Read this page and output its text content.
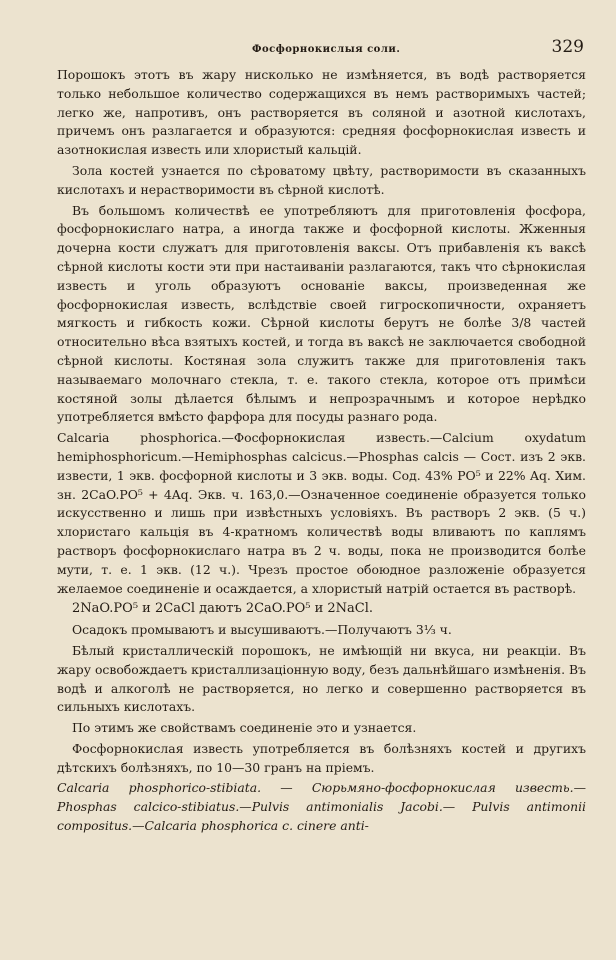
Фосфорнокислыя соли.	329

Порошокъ этотъ въ жару нисколько не измѣняется, въ водѣ растворяется только небольшое количество содержащихся въ немъ растворимыхъ частей; легко же, напротивъ, онъ растворяется въ соляной и азотной кислотахъ, причемъ онъ разлагается и образуются: средняя фосфорнокислая известь и азотнокислая известь или хлористый кальцій.

Зола костей узнается по сѣроватому цвѣту, растворимости въ сказанныхъ кислотахъ и нерастворимости въ сѣрной кислотѣ.

Въ большомъ количествѣ ее употребляютъ для приготовленія фосфора, фосфорнокислаго натра, а иногда также и фосфорной кислоты. Жженныя дочерна кости служатъ для приготовленія ваксы. Отъ прибавленія къ ваксѣ сѣрной кислоты кости эти при настаиваніи разлагаются, такъ что сѣрнокислая известь и уголь образуютъ основаніе ваксы, произведенная же фосфорнокислая известь, вслѣдствіе своей гигроскопичности, охраняетъ мягкость и гибкость кожи. Сѣрной кислоты берутъ не болѣе 3/8 частей относительно вѣса взятыхъ костей, и тогда въ ваксѣ не заключается свободной сѣрной кислоты. Костяная зола служитъ также для приготовленія такъ называемаго молочнаго стекла, т. е. такого стекла, которое отъ примѣси костяной золы дѣлается бѣлымъ и непрозрачнымъ и которое нерѣдко употребляется вмѣсто фарфора для посуды разнаго рода.

Calcaria phosphorica.—Фосфорнокислая известь.—Calcium oxydatum hemiphosphoricum.—Hemiphosphas calcicus.—Phosphas calcis — Сост. изъ 2 экв. извести, 1 экв. фосфорной кислоты и 3 экв. воды. Сод. 43% PO⁵ и 22% Aq. Хим. зн. 2CaO.PO⁵ + 4Aq. Экв. ч. 163,0.—Означенное соединеніе образуется только искусственно и лишь при извѣстныхъ условіяхъ. Въ растворъ 2 экв. (5 ч.) хлористаго кальція въ 4-кратномъ количествѣ воды вливаютъ по каплямъ растворъ фосфорнокислаго натра въ 2 ч. воды, пока не производится болѣе мути, т. е. 1 экв. (12 ч.). Чрезъ простое обоюдное разложеніе образуется желаемое соединеніе и осаждается, а хлористый натрій остается въ растворѣ.

2NaO.PO⁵ и 2CaCl даютъ 2CaO.PO⁵ и 2NaCl.

Осадокъ промываютъ и высушиваютъ.—Получаютъ 3⅓ ч.

Бѣлый кристаллическій порошокъ, не имѣющій ни вкуса, ни реакціи. Въ жару освобождаетъ кристаллизаціонную воду, безъ дальнѣйшаго измѣненія. Въ водѣ и алкоголѣ не растворяется, но легко и совершенно растворяется въ сильныхъ кислотахъ.

По этимъ же свойствамъ соединеніе это и узнается.

Фосфорнокислая известь употребляется въ болѣзняхъ костей и другихъ дѣтскихъ болѣзняхъ, по 10—30 гранъ на пріемъ.

Calcaria phosphorico-stibiata. — Сюрьмяно-фосфорнокислая известь.— Phosphas calcico-stibiatus.—Pulvis antimonialis Jacobi.— Pulvis antimonii compositus.—Calcaria phosphorica c. cinere anti-
